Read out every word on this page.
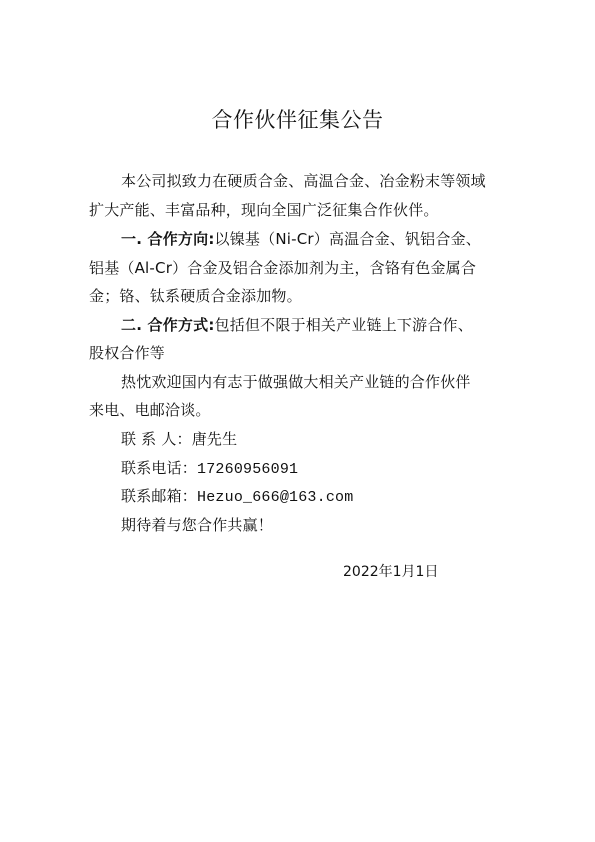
合作伙伴征集公告
本公司拟致力在硬质合金、高温合金、冶金粉末等领域
扩大产能、丰富品种，现向全国广泛征集合作伙伴。
一. 合作方向:以镍基（Ni-Cr）高温合金、钒铝合金、
铝基（Al-Cr）合金及铝合金添加剂为主，含铬有色金属合
金；铬、钛系硬质合金添加物。
二. 合作方式:包括但不限于相关产业链上下游合作、
股权合作等
热忱欢迎国内有志于做强做大相关产业链的合作伙伴
来电、电邮洽谈。
联 系 人：唐先生
联系电话：17260956091
联系邮箱：Hezuo_666@163.com
期待着与您合作共赢！
2022年1月1日
